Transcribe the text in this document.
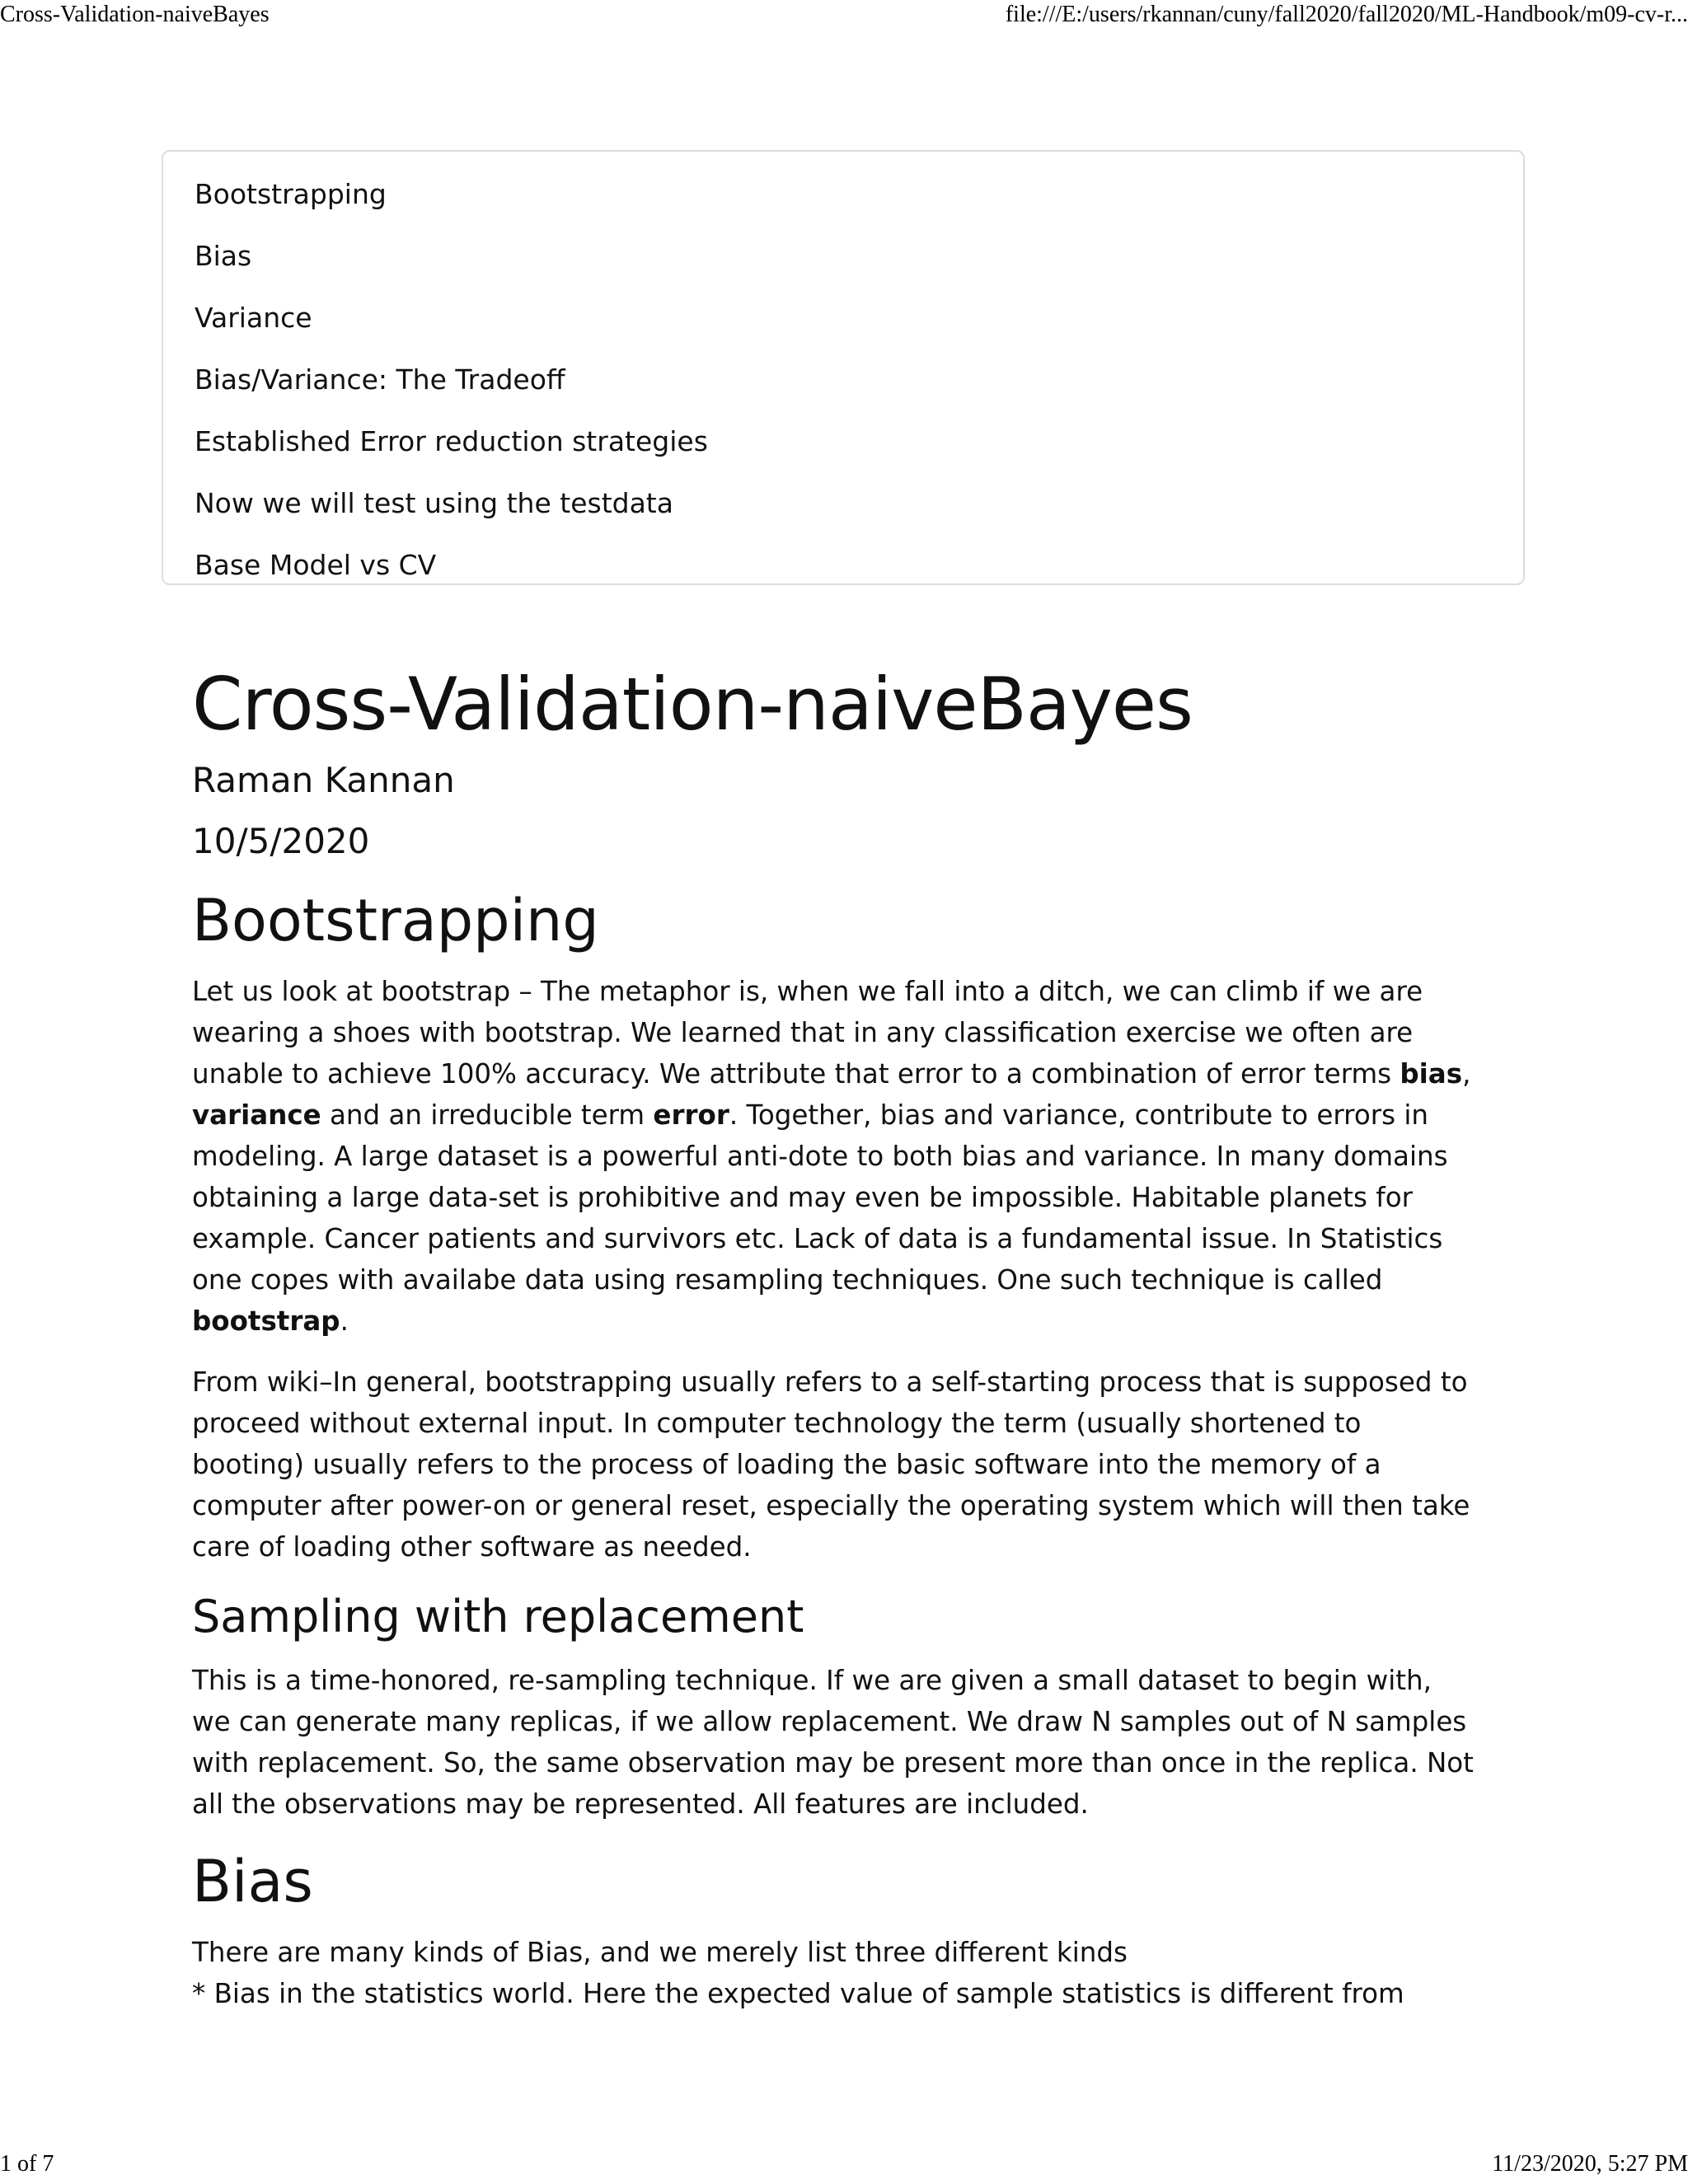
Cross-Validation-naiveBayes	file:///E:/users/rkannan/cuny/fall2020/fall2020/ML-Handbook/m09-cv-r...
Bootstrapping
Bias
Variance
Bias/Variance: The Tradeoff
Established Error reduction strategies
Now we will test using the testdata
Base Model vs CV
Cross-Validation-naiveBayes
Raman Kannan
10/5/2020
Bootstrapping

Let us look at bootstrap – The metaphor is, when we fall into a ditch, we can climb if we are wearing a shoes with bootstrap. We learned that in any classification exercise we often are unable to achieve 100% accuracy. We attribute that error to a combination of error terms bias, variance and an irreducible term error. Together, bias and variance, contribute to errors in modeling. A large dataset is a powerful anti-dote to both bias and variance. In many domains obtaining a large data-set is prohibitive and may even be impossible. Habitable planets for example. Cancer patients and survivors etc. Lack of data is a fundamental issue. In Statistics one copes with availabe data using resampling techniques. One such technique is called bootstrap.

From wiki–In general, bootstrapping usually refers to a self-starting process that is supposed to proceed without external input. In computer technology the term (usually shortened to booting) usually refers to the process of loading the basic software into the memory of a computer after power-on or general reset, especially the operating system which will then take care of loading other software as needed.

Sampling with replacement

This is a time-honored, re-sampling technique. If we are given a small dataset to begin with, we can generate many replicas, if we allow replacement. We draw N samples out of N samples with replacement. So, the same observation may be present more than once in the replica. Not all the observations may be represented. All features are included.

Bias

There are many kinds of Bias, and we merely list three different kinds
* Bias in the statistics world. Here the expected value of sample statistics is different from

1 of 7	11/23/2020, 5:27 PM
